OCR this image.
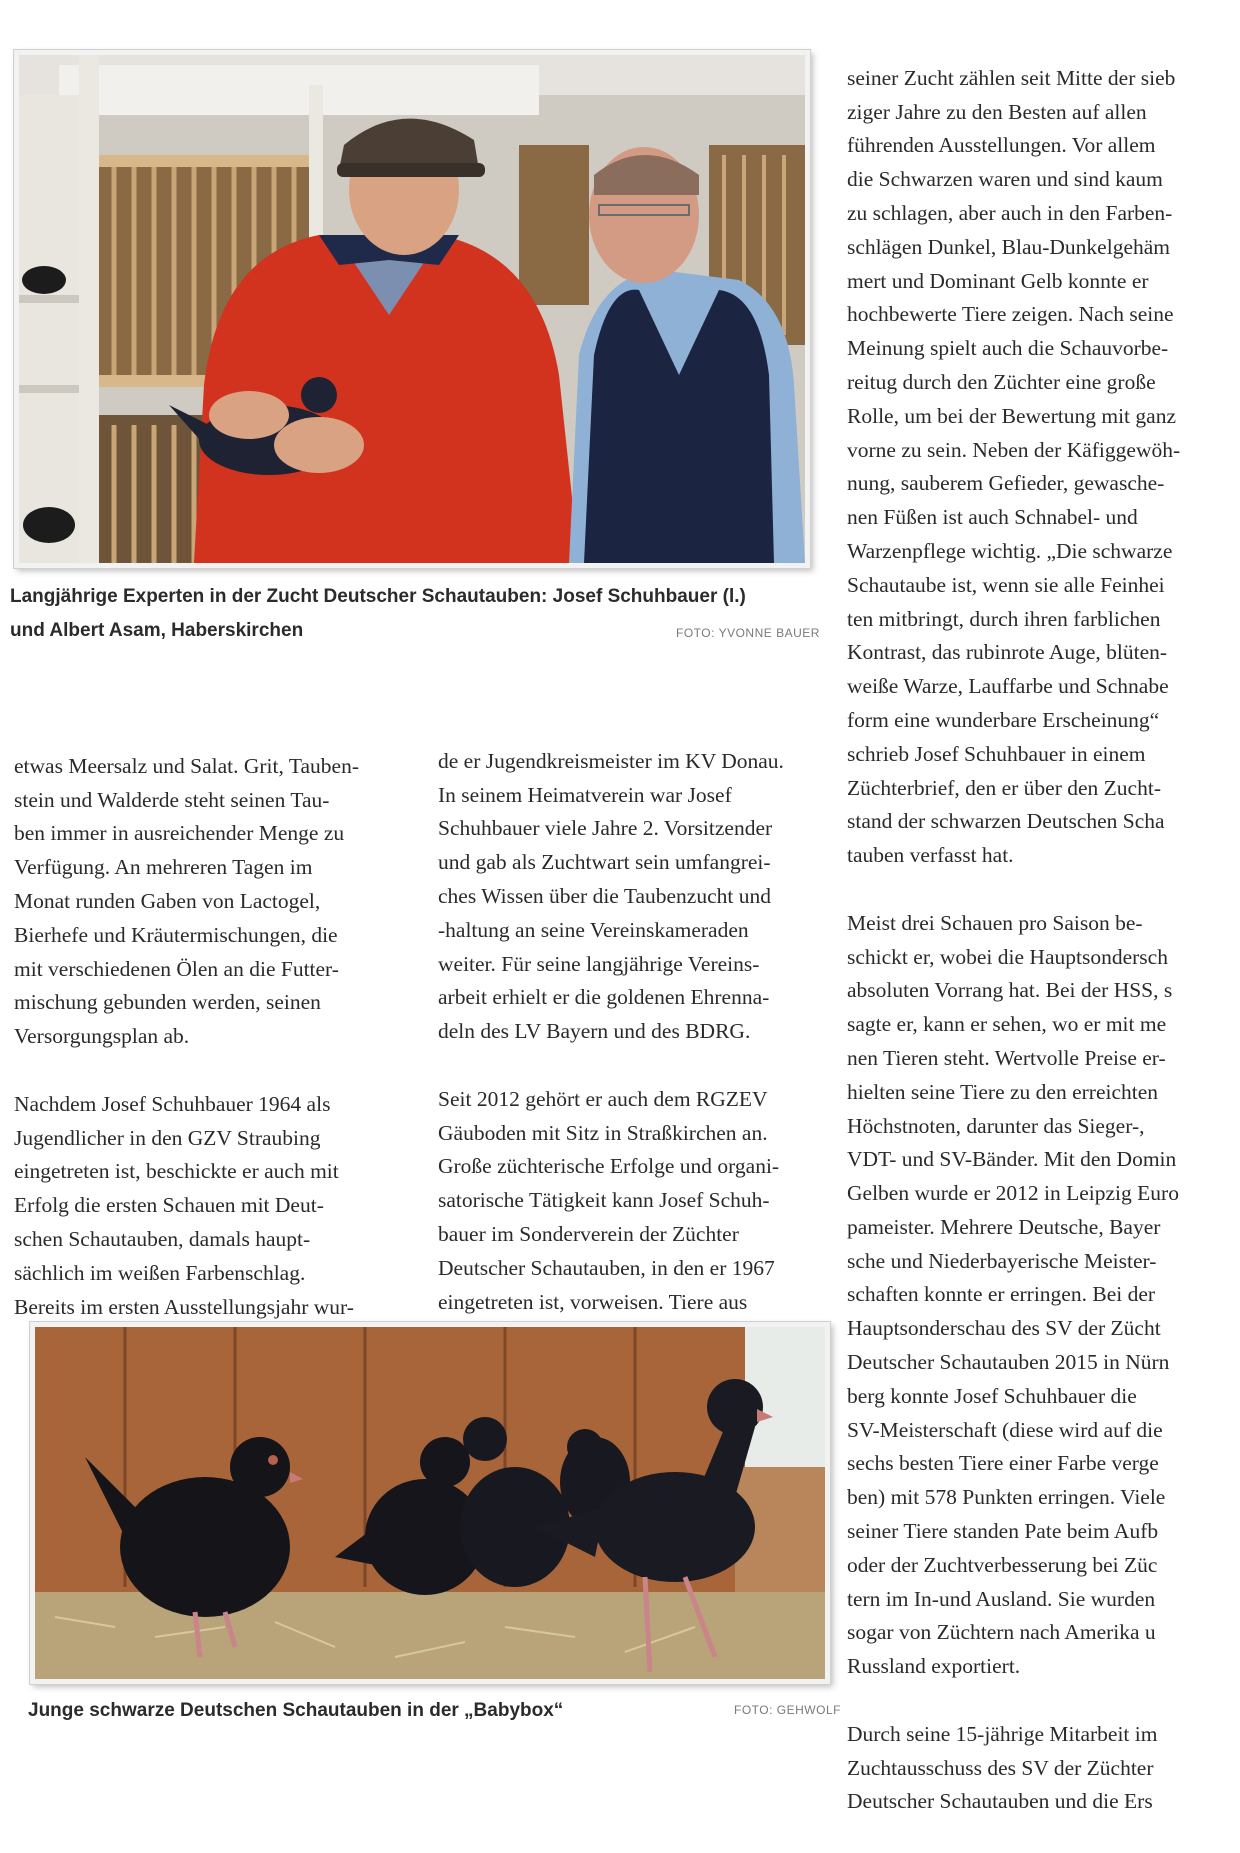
Langjährige Experten in der Zucht Deutscher Schautauben: Josef Schuhbauer (l.) und Albert Asam, Haberskirchen	FOTO: YVONNE BAUER

etwas Meersalz und Salat. Grit, Tauben-
stein und Walderde steht seinen Tau-
ben immer in ausreichender Menge zu
Verfügung. An mehreren Tagen im
Monat runden Gaben von Lactogel,
Bierhefe und Kräutermischungen, die
mit verschiedenen Ölen an die Futter-
mischung gebunden werden, seinen
Versorgungsplan ab.

Nachdem Josef Schuhbauer 1964 als
Jugendlicher in den GZV Straubing
eingetreten ist, beschickte er auch mit
Erfolg die ersten Schauen mit Deut-
schen Schautauben, damals haupt-
sächlich im weißen Farbenschlag.
Bereits im ersten Ausstellungsjahr wur-

de er Jugendkreismeister im KV Donau.
In seinem Heimatverein war Josef
Schuhbauer viele Jahre 2. Vorsitzender
und gab als Zuchtwart sein umfangrei-
ches Wissen über die Taubenzucht und
-haltung an seine Vereinskameraden
weiter. Für seine langjährige Vereins-
arbeit erhielt er die goldenen Ehrenna-
deln des LV Bayern und des BDRG.

Seit 2012 gehört er auch dem RGZEV
Gäuboden mit Sitz in Straßkirchen an.
Große züchterische Erfolge und organi-
satorische Tätigkeit kann Josef Schuh-
bauer im Sonderverein der Züchter
Deutscher Schautauben, in den er 1967
eingetreten ist, vorweisen. Tiere aus

seiner Zucht zählen seit Mitte der sieb
ziger Jahre zu den Besten auf allen
führenden Ausstellungen. Vor allem
die Schwarzen waren und sind kaum
zu schlagen, aber auch in den Farben-
schlägen Dunkel, Blau-Dunkelgehäm
mert und Dominant Gelb konnte er
hochbewerte Tiere zeigen. Nach seine
Meinung spielt auch die Schauvorbe-
reitug durch den Züchter eine große
Rolle, um bei der Bewertung mit ganz
vorne zu sein. Neben der Käfiggewöh-
nung, sauberem Gefieder, gewasche-
nen Füßen ist auch Schnabel- und
Warzenpflege wichtig. „Die schwarze
Schautaube ist, wenn sie alle Feinhei
ten mitbringt, durch ihren farblichen
Kontrast, das rubinrote Auge, blüten-
weiße Warze, Lauffarbe und Schnabe
form eine wunderbare Erscheinung“
schrieb Josef Schuhbauer in einem
Züchterbrief, den er über den Zucht-
stand der schwarzen Deutschen Scha
tauben verfasst hat.

Meist drei Schauen pro Saison be-
schickt er, wobei die Hauptsondersch
absoluten Vorrang hat. Bei der HSS, s
sagte er, kann er sehen, wo er mit me
nen Tieren steht. Wertvolle Preise er-
hielten seine Tiere zu den erreichten
Höchstnoten, darunter das Sieger-,
VDT- und SV-Bänder. Mit den Domin
Gelben wurde er 2012 in Leipzig Euro
pameister. Mehrere Deutsche, Bayer
sche und Niederbayerische Meister-
schaften konnte er erringen. Bei der
Hauptsonderschau des SV der Zücht
Deutscher Schautauben 2015 in Nürn
berg konnte Josef Schuhbauer die
SV-Meisterschaft (diese wird auf die
sechs besten Tiere einer Farbe verge
ben) mit 578 Punkten erringen. Viele
seiner Tiere standen Pate beim Aufb
oder der Zuchtverbesserung bei Züc
tern im In-und Ausland. Sie wurden
sogar von Züchtern nach Amerika u
Russland exportiert.

Durch seine 15-jährige Mitarbeit im
Zuchtausschuss des SV der Züchter
Deutscher Schautauben und die Ers

Junge schwarze Deutschen Schautauben in der „Babybox“	FOTO: GEHWOLF
